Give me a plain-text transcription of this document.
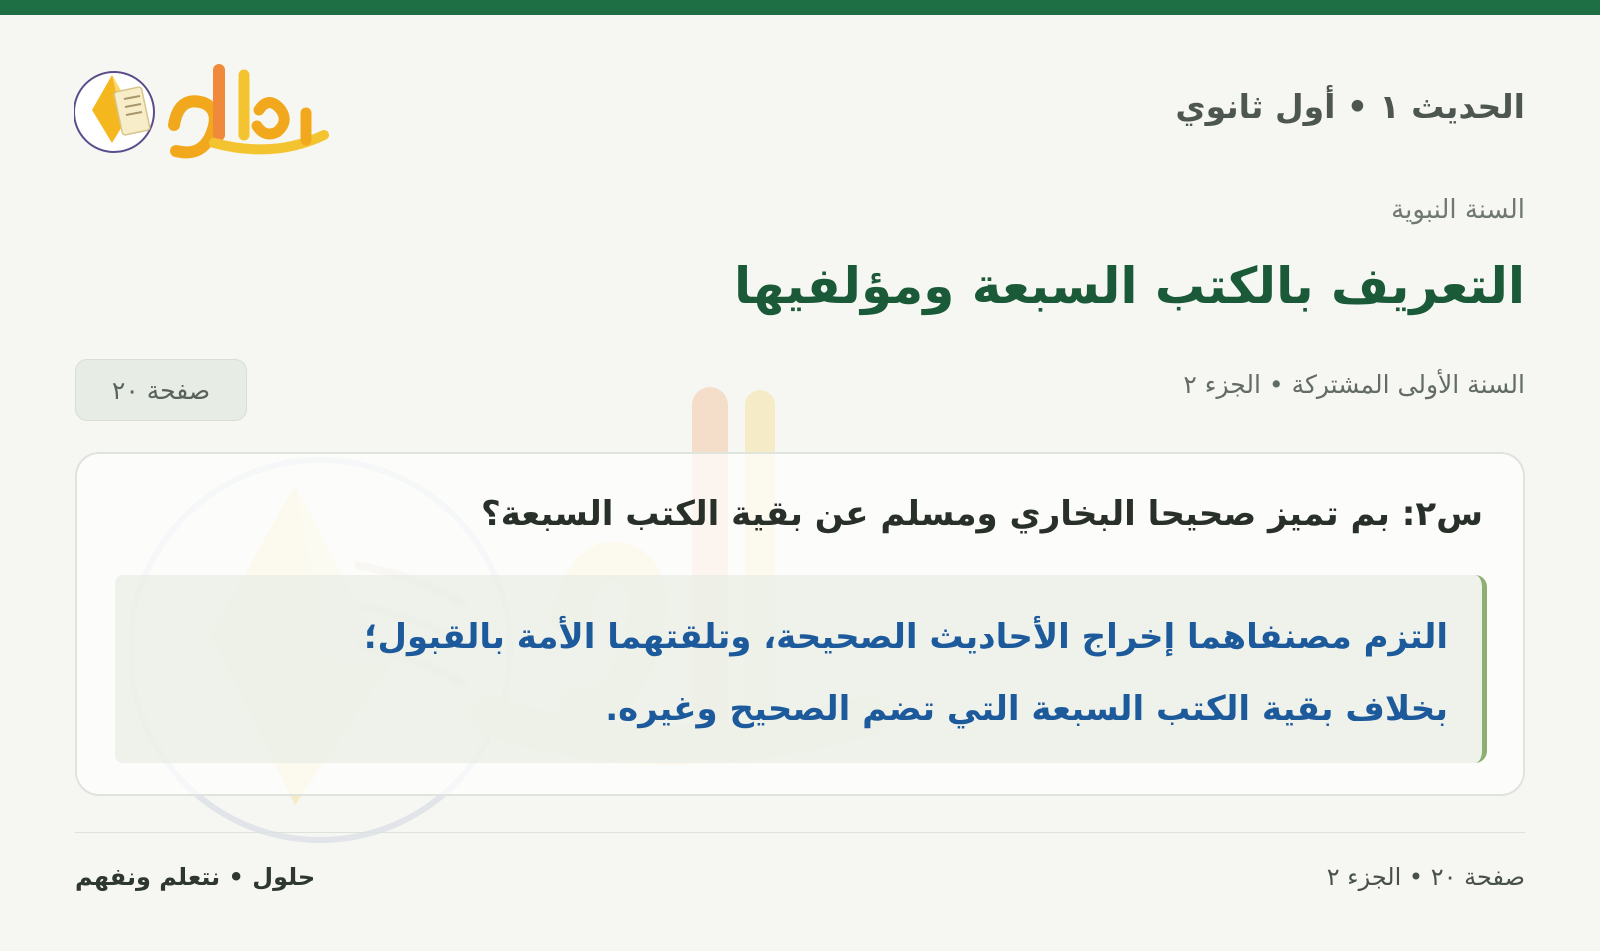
الحديث ١ • أول ثانوي

السنة النبوية

التعريف بالكتب السبعة ومؤلفيها

السنة الأولى المشتركة • الجزء ٢

صفحة ٢٠
س٢: بم تميز صحيحا البخاري ومسلم عن بقية الكتب السبعة؟

التزم مصنفاهما إخراج الأحاديث الصحيحة، وتلقتهما الأمة بالقبول؛

بخلاف بقية الكتب السبعة التي تضم الصحيح وغيره.

حلول • نتعلم ونفهم	صفحة ٢٠ • الجزء ٢
